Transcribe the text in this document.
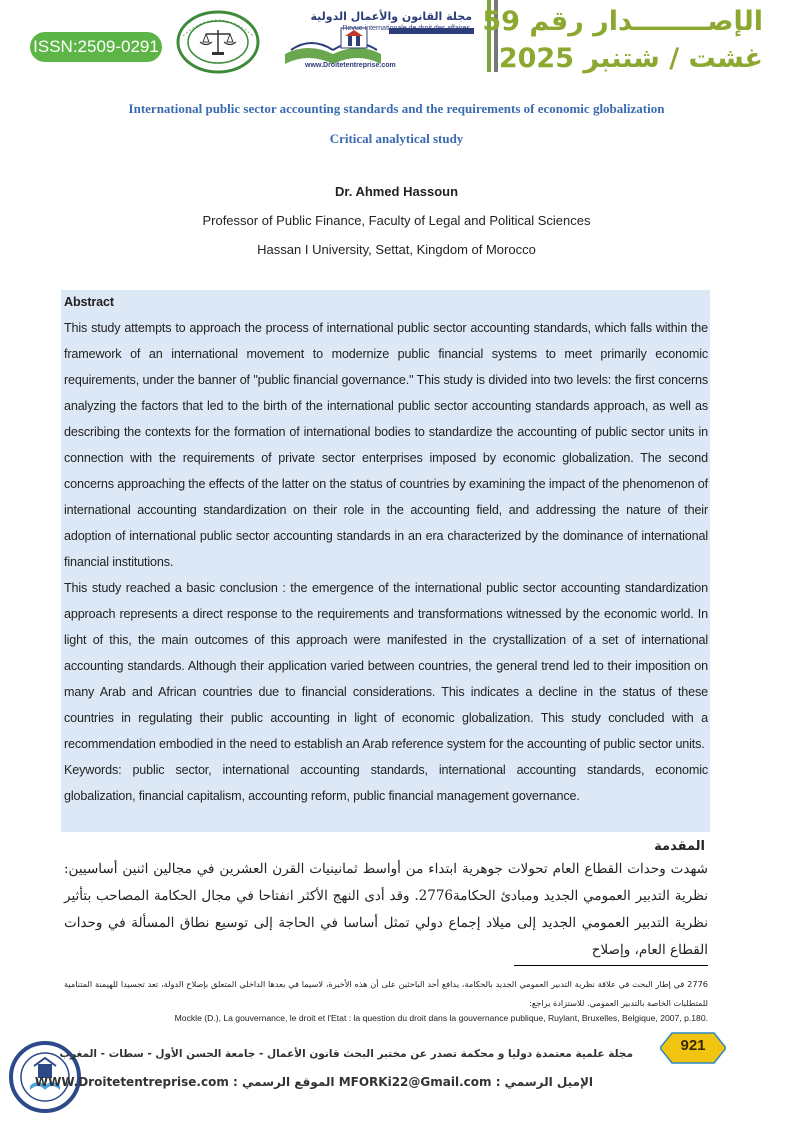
ISSN:2509-0291
مجلة القانون والأعمال الدولية
Revue internationale de droit des affaires
www.Droitetentreprise.com
الإصــــــــدار رقم 59
غشت / شتنبر 2025
International public sector accounting standards and the requirements of economic globalization
Critical analytical study
Dr. Ahmed Hassoun
Professor of Public Finance, Faculty of Legal and Political Sciences
Hassan I University, Settat, Kingdom of Morocco

Abstract

This study attempts to approach the process of international public sector accounting standards, which falls within the framework of an international movement to modernize public financial systems to meet primarily economic requirements, under the banner of "public financial governance." This study is divided into two levels: the first concerns analyzing the factors that led to the birth of the international public sector accounting standards approach, as well as describing the contexts for the formation of international bodies to standardize the accounting of public sector units in connection with the requirements of private sector enterprises imposed by economic globalization. The second concerns approaching the effects of the latter on the status of countries by examining the impact of the phenomenon of international accounting standardization on their role in the accounting field, and addressing the nature of their adoption of international public sector accounting standards in an era characterized by the dominance of international financial institutions.

This study reached a basic conclusion : the emergence of the international public sector accounting standardization approach represents a direct response to the requirements and transformations witnessed by the economic world. In light of this, the main outcomes of this approach were manifested in the crystallization of a set of international accounting standards. Although their application varied between countries, the general trend led to their imposition on many Arab and African countries due to financial considerations. This indicates a decline in the status of these countries in regulating their public accounting in light of economic globalization. This study concluded with a recommendation embodied in the need to establish an Arab reference system for the accounting of public sector units.

Keywords: public sector, international accounting standards, international accounting standards, economic globalization, financial capitalism, accounting reform, public financial management governance.

المقدمة

شهدت وحدات القطاع العام تحولات جوهرية ابتداء من أواسط ثمانينيات القرن العشرين في مجالين اثنين أساسيين: نظرية التدبير العمومي الجديد ومبادئ الحكامة2776. وقد أدى النهج الأكثر انفتاحا في مجال الحكامة المصاحب بتأثير نظرية التدبير العمومي الجديد إلى ميلاد إجماع دولي تمثل أساسا في الحاجة إلى توسيع نطاق المسألة في وحدات القطاع العام، وإصلاح

2776 في إطار البحث في علاقة نظرية التدبير العمومي الجديد بالحكامة، يدافع أحد الباحثين على أن هذه الأخيرة، لاسيما في بعدها الداخلي المتعلق بإصلاح الدولة، تعد تجسيدا للهيمنة المتنامية للمتطلبات الخاصة بالتدبير العمومي. للاستزادة يراجع:

Mockle (D.), La gouvernance, le droit et l'Etat : la question du droit dans la gouvernance publique, Ruylant, Bruxelles, Belgique, 2007, p.180.
921
مجلة علمية معتمدة دوليا و محكمة تصدر عن مختبر البحث قانون الأعمال - جامعة الحسن الأول - سطات - المغرب
الإميل الرسمي : MFORKi22@Gmail.com الموقع الرسمي : WWW.Droitetentreprise.com
